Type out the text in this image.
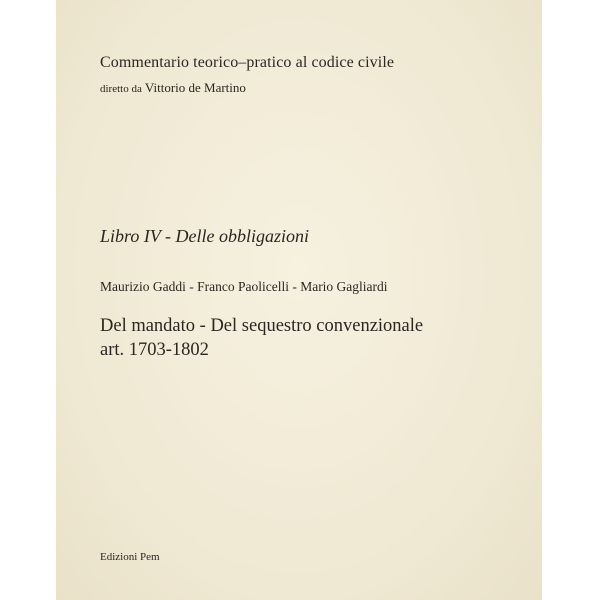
Commentario teorico–pratico al codice civile
diretto da Vittorio de Martino
Libro IV - Delle obbligazioni
Maurizio Gaddi - Franco Paolicelli - Mario Gagliardi
Del mandato - Del sequestro convenzionale
art. 1703-1802
Edizioni Pem
